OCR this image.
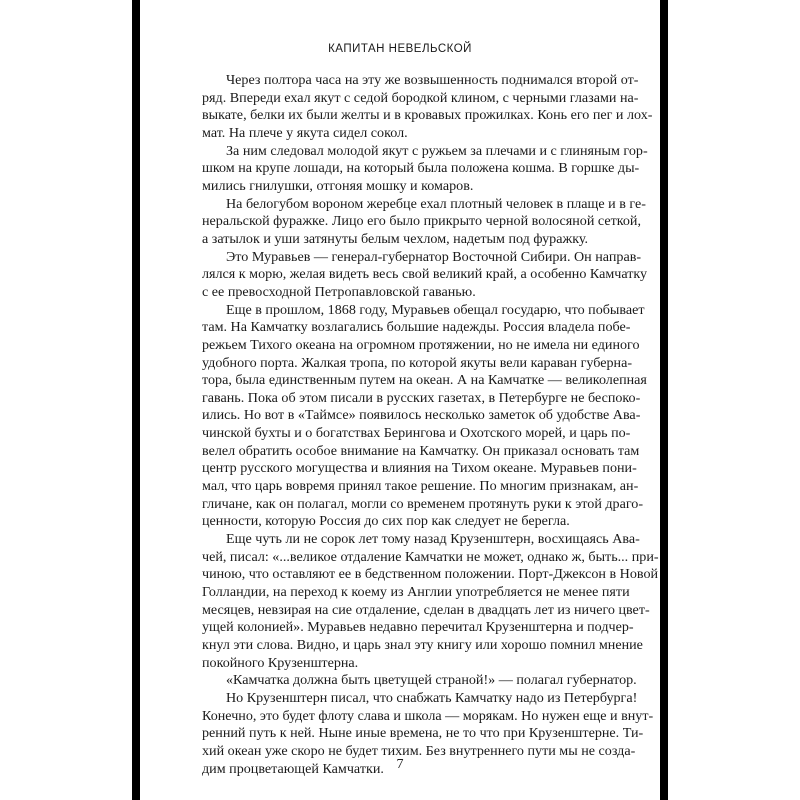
КАПИТАН НЕВЕЛЬСКОЙ
Через полтора часа на эту же возвышенность поднимался второй от-
ряд. Впереди ехал якут с седой бородкой клином, с черными глазами на-
выкате, белки их были желты и в кровавых прожилках. Конь его пег и лох-
мат. На плече у якута сидел сокол.
За ним следовал молодой якут с ружьем за плечами и с глиняным гор-
шком на крупе лошади, на который была положена кошма. В горшке ды-
мились гнилушки, отгоняя мошку и комаров.
На белогубом вороном жеребце ехал плотный человек в плаще и в ге-
неральской фуражке. Лицо его было прикрыто черной волосяной сеткой,
а затылок и уши затянуты белым чехлом, надетым под фуражку.
Это Муравьев — генерал-губернатор Восточной Сибири. Он направ-
лялся к морю, желая видеть весь свой великий край, а особенно Камчатку
с ее превосходной Петропавловской гаванью.
Еще в прошлом, 1868 году, Муравьев обещал государю, что побывает
там. На Камчатку возлагались большие надежды. Россия владела побе-
режьем Тихого океана на огромном протяжении, но не имела ни единого
удобного порта. Жалкая тропа, по которой якуты вели караван губерна-
тора, была единственным путем на океан. А на Камчатке — великолепная
гавань. Пока об этом писали в русских газетах, в Петербурге не беспоко-
ились. Но вот в «Таймсе» появилось несколько заметок об удобстве Ава-
чинской бухты и о богатствах Берингова и Охотского морей, и царь по-
велел обратить особое внимание на Камчатку. Он приказал основать там
центр русского могущества и влияния на Тихом океане. Муравьев пони-
мал, что царь вовремя принял такое решение. По многим признакам, ан-
гличане, как он полагал, могли со временем протянуть руки к этой драго-
ценности, которую Россия до сих пор как следует не берегла.
Еще чуть ли не сорок лет тому назад Крузенштерн, восхищаясь Ава-
чей, писал: «...великое отдаление Камчатки не может, однако ж, быть... при-
чиною, что оставляют ее в бедственном положении. Порт-Джексон в Новой
Голландии, на переход к коему из Англии употребляется не менее пяти
месяцев, невзирая на сие отдаление, сделан в двадцать лет из ничего цвет-
ущей колонией». Муравьев недавно перечитал Крузенштерна и подчер-
кнул эти слова. Видно, и царь знал эту книгу или хорошо помнил мнение
покойного Крузенштерна.
«Камчатка должна быть цветущей страной!» — полагал губернатор.
Но Крузенштерн писал, что снабжать Камчатку надо из Петербурга!
Конечно, это будет флоту слава и школа — морякам. Но нужен еще и внут-
ренний путь к ней. Ныне иные времена, не то что при Крузенштерне. Ти-
хий океан уже скоро не будет тихим. Без внутреннего пути мы не созда-
дим процветающей Камчатки. 7
